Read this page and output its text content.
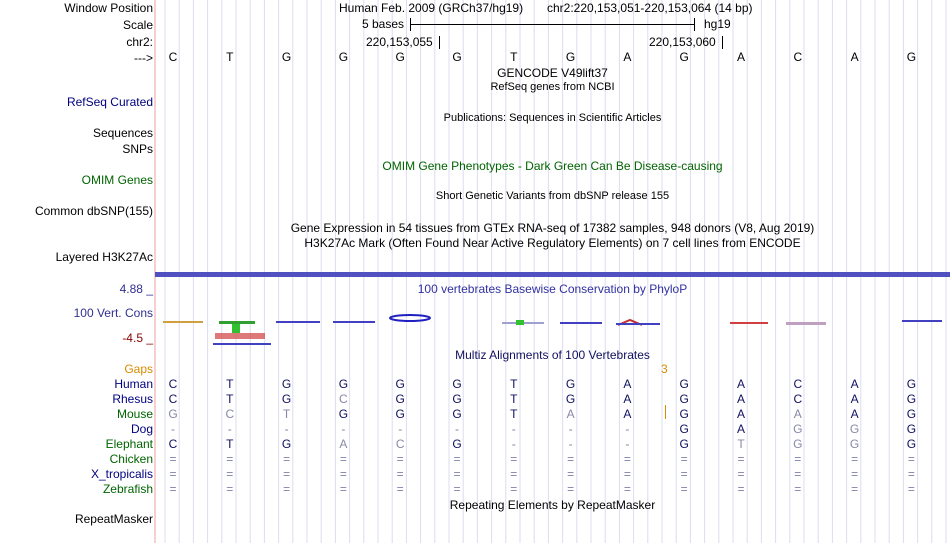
Window Position	Human Feb. 2009 (GRCh37/hg19) chr2:220,153,051-220,153,064 (14 bp)
Scale	5 bases	hg19
chr2:	220,153,055	220,153,060
--->	C	T	G	G	G	G	T	G	A	G	A	C	A	G
GENCODE V49lift37
RefSeq genes from NCBI
RefSeq Curated
Publications: Sequences in Scientific Articles
Sequences
SNPs
OMIM Gene Phenotypes - Dark Green Can Be Disease-causing
OMIM Genes
Short Genetic Variants from dbSNP release 155
Common dbSNP(155)
Gene Expression in 54 tissues from GTEx RNA-seq of 17382 samples, 948 donors (V8, Aug 2019)
H3K27Ac Mark (Often Found Near Active Regulatory Elements) on 7 cell lines from ENCODE
Layered H3K27Ac
100 vertebrates Basewise Conservation by PhyloP
4.88 _
100 Vert. Cons
-4.5 _
Multiz Alignments of 100 Vertebrates
Gaps	3
Human	C	T	G	G	G	G	T	G	A	G	A	C	A	G
Rhesus	C	T	G	C	G	G	T	G	A	G	A	C	A	G
Mouse	G	C	T	G	G	G	T	A	A	G	A	A	A	G
Dog	-	-	-	-	-	-	-	-	-	G	A	G	G	G
Elephant	C	T	G	A	C	G	-	-	-	G	T	G	G	G
Chicken	=	=	=	=	=	=	=	=	=	=	=	=	=	=
X_tropicalis	=	=	=	=	=	=	=	=	=	=	=	=	=	=
Zebrafish	=	=	=	=	=	=	=	=	=	=	=	=	=	=
Repeating Elements by RepeatMasker
RepeatMasker
